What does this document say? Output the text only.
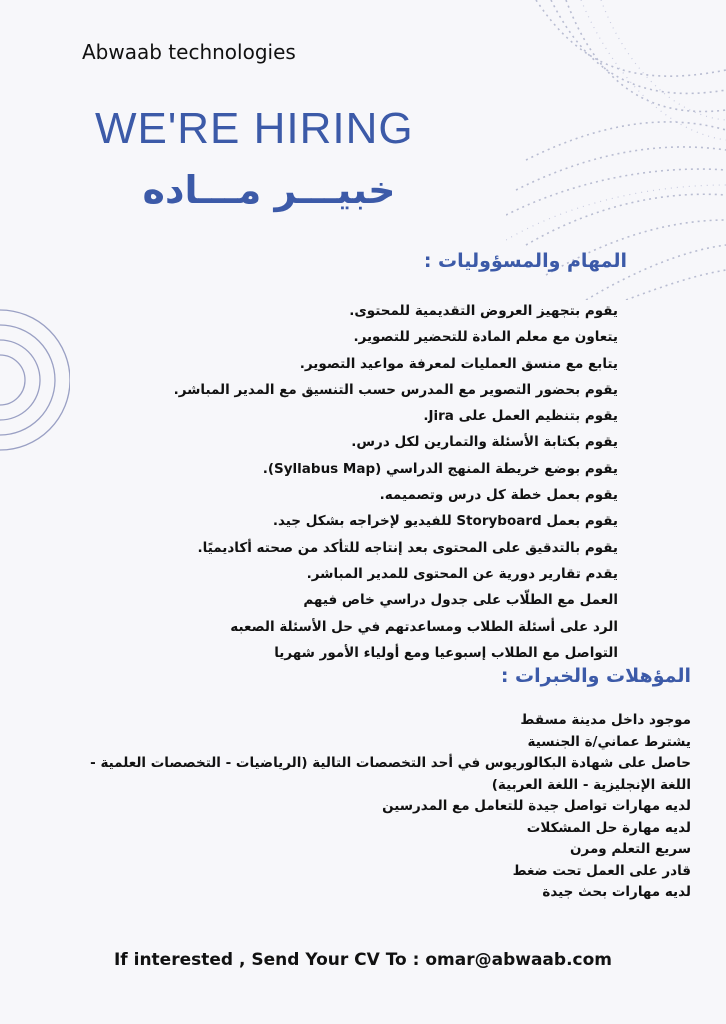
Abwaab technologies
WE'RE HIRING
خبيـــر مـــاده
المهام والمسؤوليات :
يقوم بتجهيز العروض التقديمية للمحتوى.
يتعاون مع معلم المادة للتحضير للتصوير.
يتابع مع منسق العمليات لمعرفة مواعيد التصوير.
يقوم بحضور التصوير مع المدرس حسب التنسيق مع المدير المباشر.
يقوم بتنظيم العمل على Jira.
يقوم بكتابة الأسئلة والتمارين لكل درس.
يقوم بوضع خريطة المنهج الدراسي (Syllabus Map).
يقوم بعمل خطة كل درس وتصميمه.
يقوم بعمل Storyboard للفيديو لإخراجه بشكل جيد.
يقوم بالتدقيق على المحتوى بعد إنتاجه للتأكد من صحته أكاديميًا.
يقدم تقارير دورية عن المحتوى للمدير المباشر.
العمل مع الطلّاب على جدول دراسي خاص فيهم
الرد على أسئلة الطلاب ومساعدتهم في حل الأسئلة الصعبه
التواصل مع الطلاب إسبوعيا ومع أولياء الأمور شهريا
المؤهلات والخبرات :
موجود داخل مدينة مسقط
يشترط عماني/ة الجنسية
حاصل على شهادة البكالوريوس في أحد التخصصات التالية (الرياضيات - التخصصات العلمية - اللغة الإنجليزية - اللغة العربية)
لديه مهارات تواصل جيدة للتعامل مع المدرسين
لديه مهارة حل المشكلات
سريع التعلم ومرن
قادر على العمل تحت ضغط
لديه مهارات بحث جيدة
If interested , Send Your CV To : omar@abwaab.com
